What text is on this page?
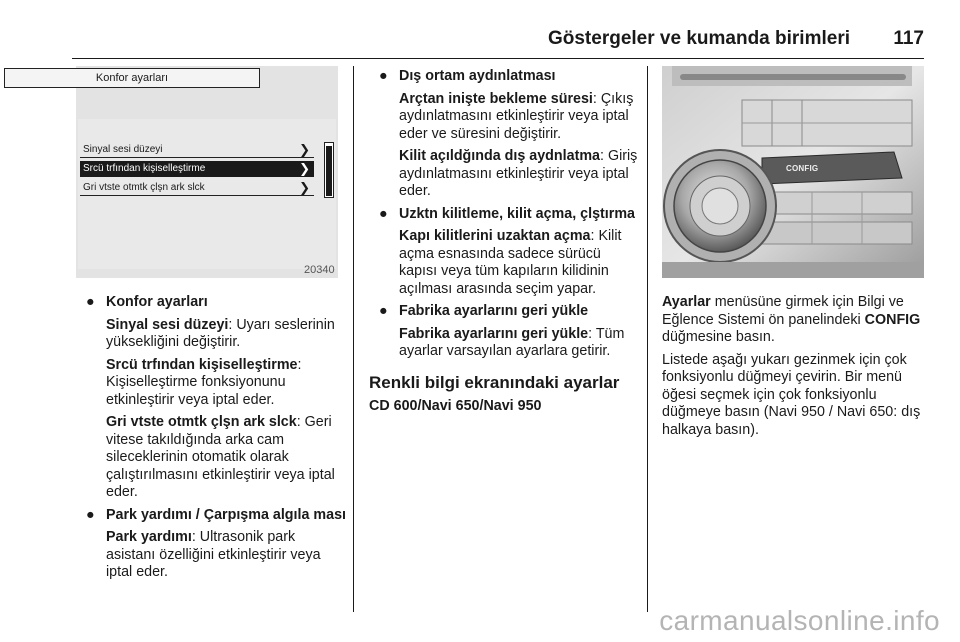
Göstergeler ve kumanda birimleri 117
Konfor ayarları
Sinyal sesi düzeyi	❯
Srcü trfından kişiselleştirme	❯
Gri vtste otmtk çlşn ark slck	❯
20340
CONFIG
● Konfor ayarları

Sinyal sesi düzeyi: Uyarı seslerinin yüksekliğini değiştirir.

Srcü trfından kişiselleştirme: Kişiselleştirme fonksiyonunu etkinleştirir veya iptal eder.

Gri vtste otmtk çlşn ark slck: Geri vitese takıldığında arka cam sileceklerinin otomatik olarak çalıştırılmasını etkinleştirir veya iptal eder.

● Park yardımı / Çarpışma algıla ması

Park yardımı: Ultrasonik park asistanı özelliğini etkinleştirir veya iptal eder.

● Dış ortam aydınlatması

Arçtan inişte bekleme süresi: Çıkış aydınlatmasını etkinleştirir veya iptal eder ve süresini değiştirir.

Kilit açıldğında dış aydnlatma: Giriş aydınlatmasını etkinleştirir veya iptal eder.

● Uzktn kilitleme, kilit açma, çlştırma

Kapı kilitlerini uzaktan açma: Kilit açma esnasında sadece sürücü kapısı veya tüm kapıların kilidinin açılması arasında seçim yapar.

● Fabrika ayarlarını geri yükle

Fabrika ayarlarını geri yükle: Tüm ayarlar varsayılan ayarlara getirir.

Renkli bilgi ekranındaki ayarlar

CD 600/Navi 650/Navi 950

Ayarlar menüsüne girmek için Bilgi ve Eğlence Sistemi ön panelindeki CONFIG düğmesine basın.

Listede aşağı yukarı gezinmek için çok fonksiyonlu düğmeyi çevirin. Bir menü öğesi seçmek için çok fonksiyonlu düğmeye basın (Navi 950 / Navi 650: dış halkaya basın).

carmanualsonline.info
